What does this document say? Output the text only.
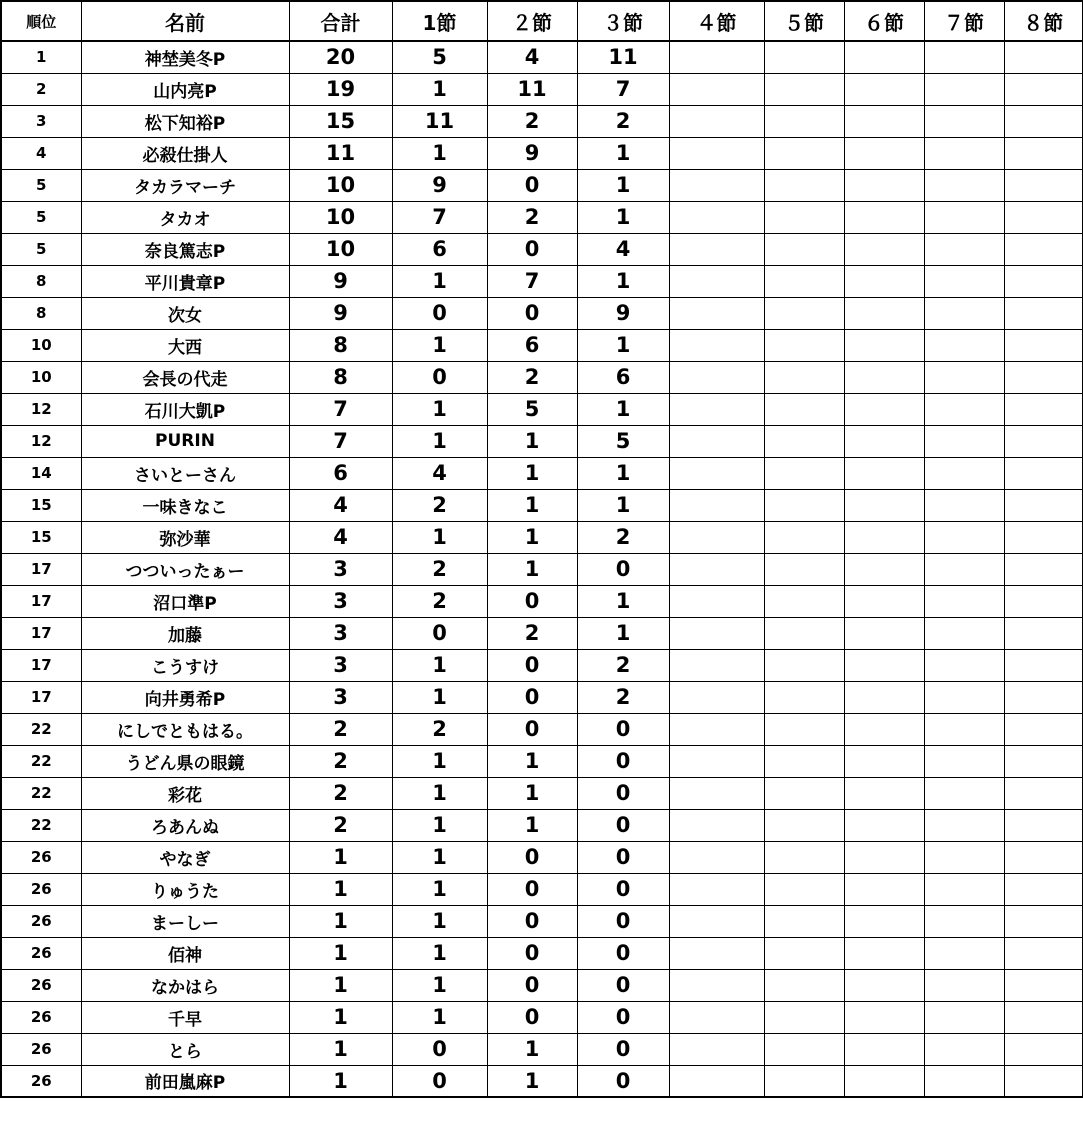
順位	名前	合計	1節	２節	３節	４節	５節	６節	７節	８節
1	神埜美冬P	20	5	4	11					
2	山内亮P	19	1	11	7					
3	松下知裕P	15	11	2	2					
4	必殺仕掛人	11	1	9	1					
5	タカラマーチ	10	9	0	1					
5	タカオ	10	7	2	1					
5	奈良篤志P	10	6	0	4					
8	平川貴章P	9	1	7	1					
8	次女	9	0	0	9					
10	大西	8	1	6	1					
10	会長の代走	8	0	2	6					
12	石川大凱P	7	1	5	1					
12	PURIN	7	1	1	5					
14	さいとーさん	6	4	1	1					
15	一味きなこ	4	2	1	1					
15	弥沙華	4	1	1	2					
17	つついったぁー	3	2	1	0					
17	沼口準P	3	2	0	1					
17	加藤	3	0	2	1					
17	こうすけ	3	1	0	2					
17	向井勇希P	3	1	0	2					
22	にしでともはる。	2	2	0	0					
22	うどん県の眼鏡	2	1	1	0					
22	彩花	2	1	1	0					
22	ろあんぬ	2	1	1	0					
26	やなぎ	1	1	0	0					
26	りゅうた	1	1	0	0					
26	まーしー	1	1	0	0					
26	佰神	1	1	0	0					
26	なかはら	1	1	0	0					
26	千早	1	1	0	0					
26	とら	1	0	1	0					
26	前田嵐麻P	1	0	1	0					
